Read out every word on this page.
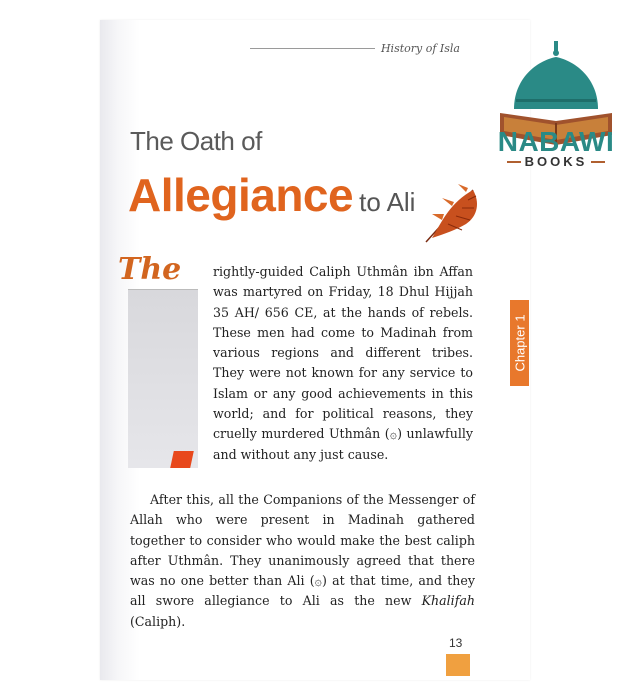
History of Isla
The Oath of
Allegiance to Ali
The	rightly-guided Caliph Uthmân ibn Affan was martyred on Friday, 18 Dhul Hijjah 35 AH/ 656 CE, at the hands of rebels. These men had come to Madinah from various regions and different tribes. They were not known for any service to Islam or any good achievements in this world; and for political reasons, they cruelly murdered Uthmân (۞) unlawfully and without any just cause.
After this, all the Companions of the Messenger of Allah who were present in Madinah gathered together to consider who would make the best caliph after Uthmân. They unanimously agreed that there was no one better than Ali (۞) at that time, and they all swore allegiance to Ali as the new Khalifah (Caliph).
Chapter 1
13
NABAWI
BOOKS
